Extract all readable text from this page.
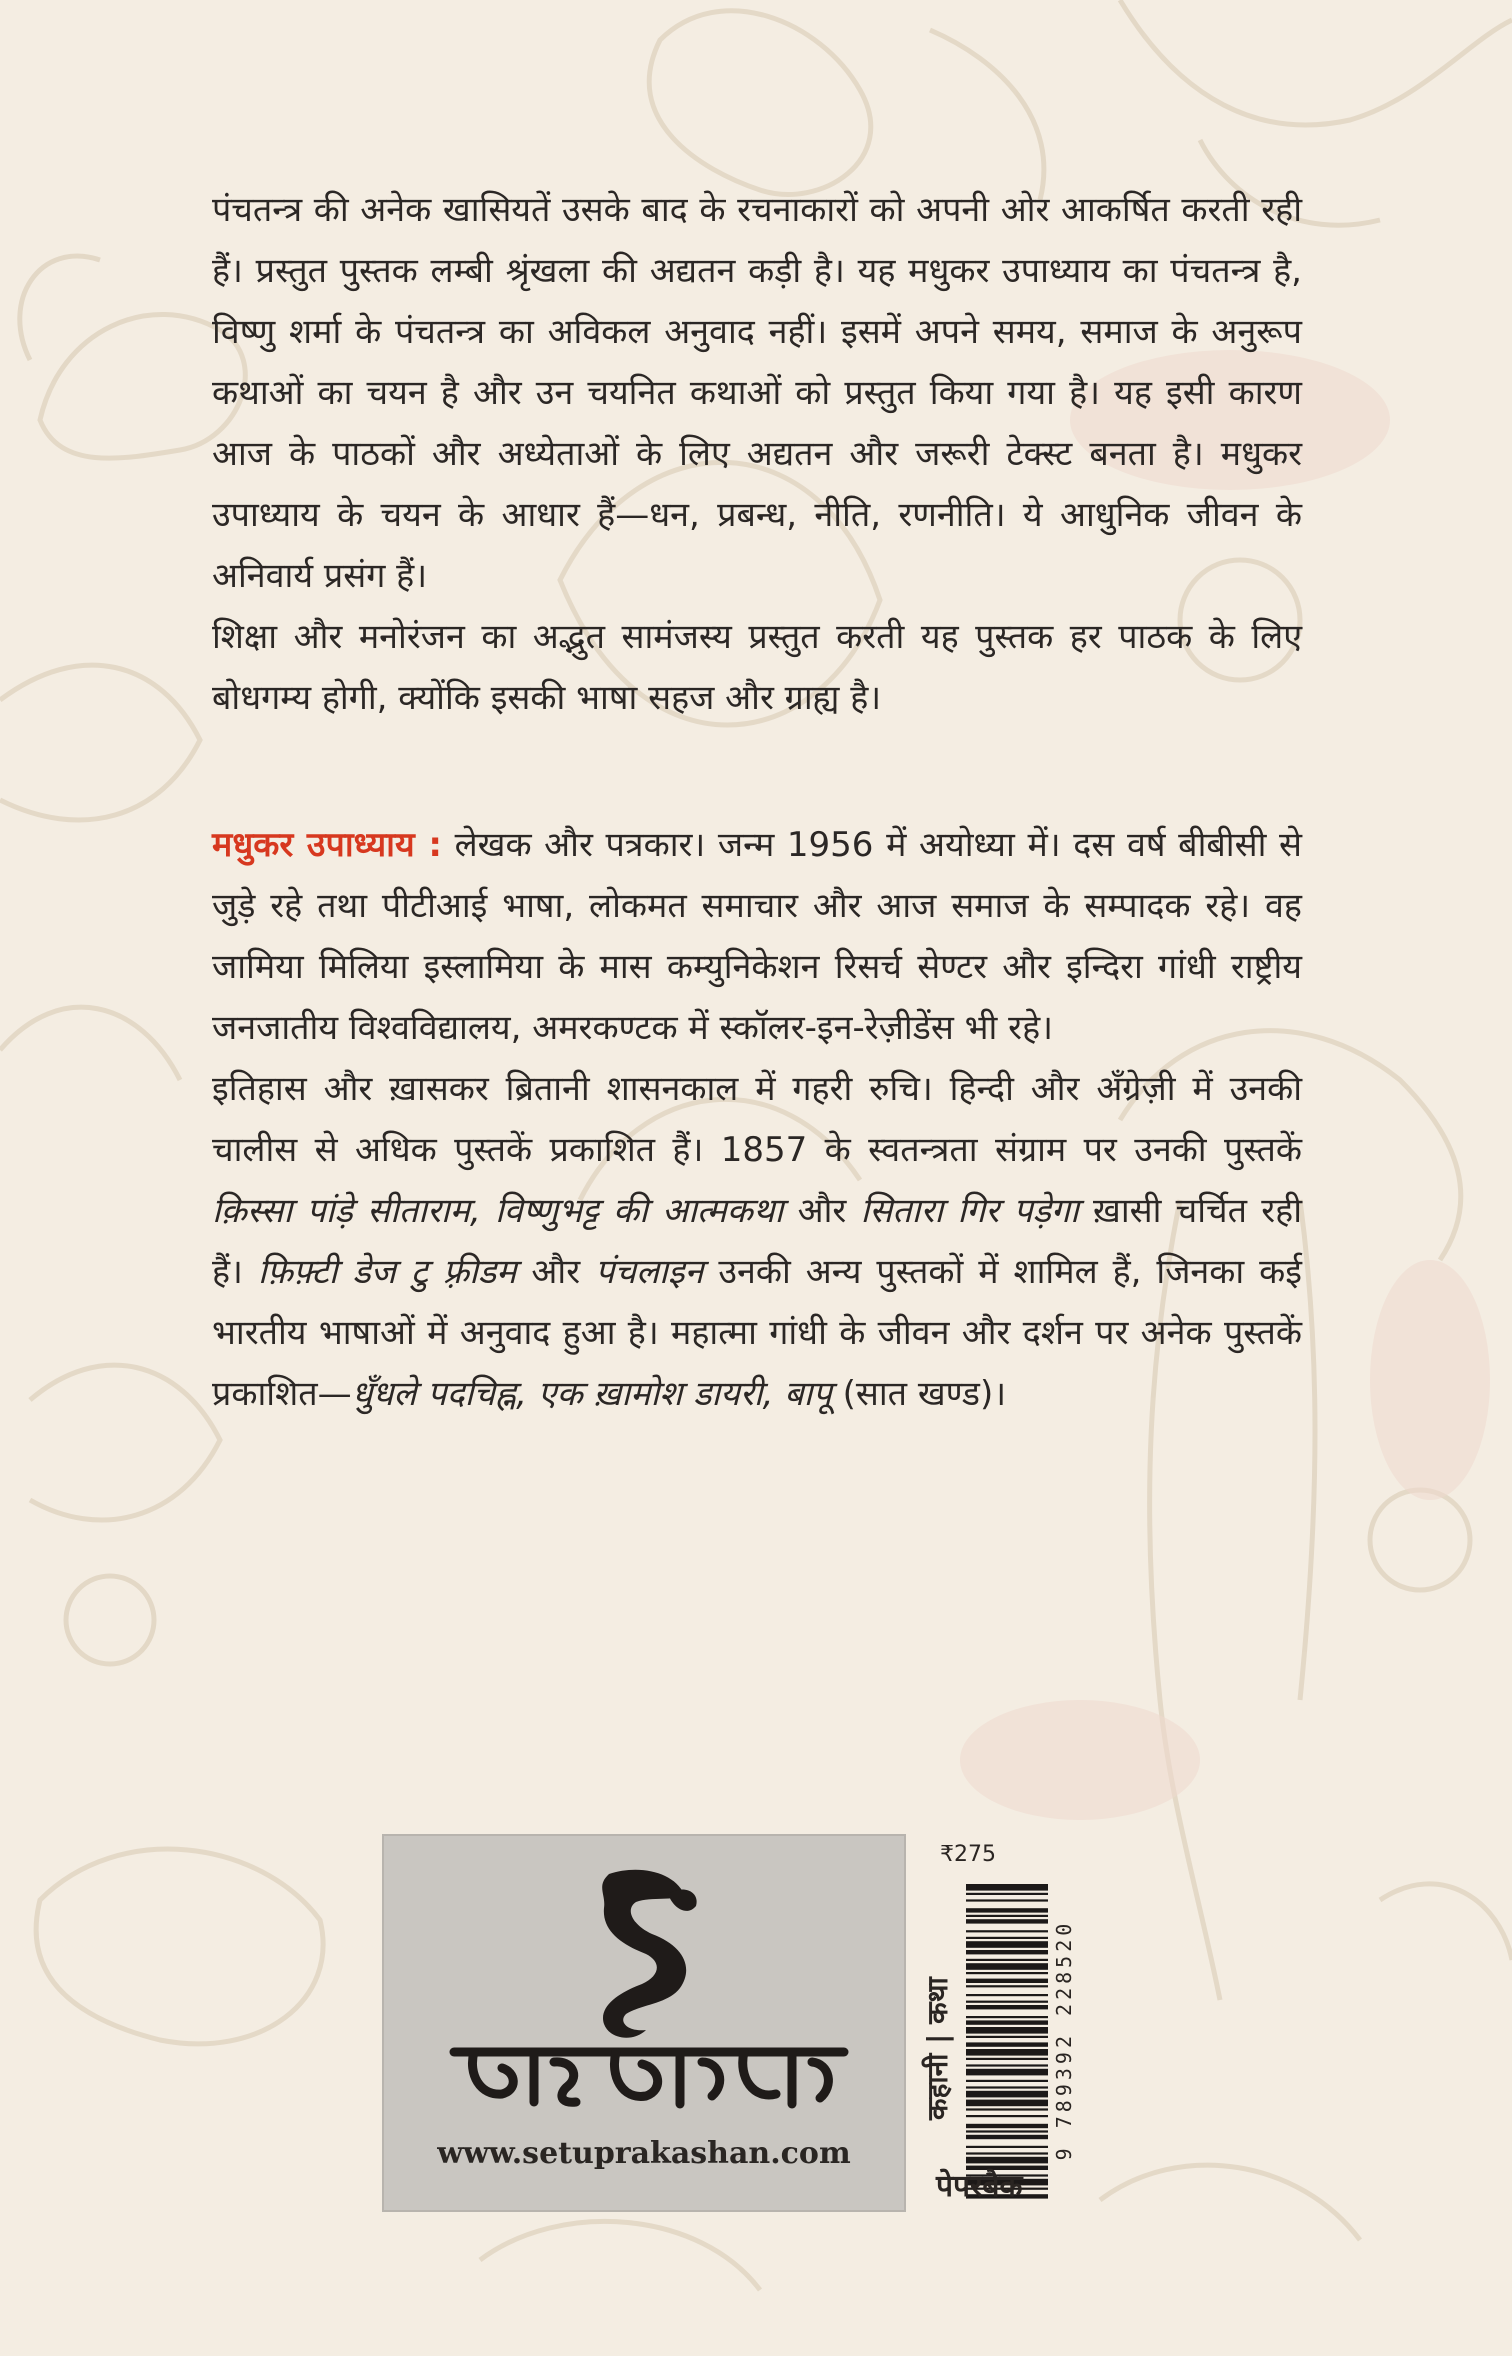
पंचतन्त्र की अनेक खासियतें उसके बाद के रचनाकारों को अपनी ओर आकर्षित करती रही हैं। प्रस्तुत पुस्तक लम्बी श्रृंखला की अद्यतन कड़ी है। यह मधुकर उपाध्याय का पंचतन्त्र है, विष्णु शर्मा के पंचतन्त्र का अविकल अनुवाद नहीं। इसमें अपने समय, समाज के अनुरूप कथाओं का चयन है और उन चयनित कथाओं को प्रस्तुत किया गया है। यह इसी कारण आज के पाठकों और अध्येताओं के लिए अद्यतन और जरूरी टेक्स्ट बनता है। मधुकर उपाध्याय के चयन के आधार हैं—धन, प्रबन्ध, नीति, रणनीति। ये आधुनिक जीवन के अनिवार्य प्रसंग हैं।

शिक्षा और मनोरंजन का अद्भुत सामंजस्य प्रस्तुत करती यह पुस्तक हर पाठक के लिए बोधगम्य होगी, क्योंकि इसकी भाषा सहज और ग्राह्य है।

मधुकर उपाध्याय : लेखक और पत्रकार। जन्म 1956 में अयोध्या में। दस वर्ष बीबीसी से जुड़े रहे तथा पीटीआई भाषा, लोकमत समाचार और आज समाज के सम्पादक रहे। वह जामिया मिलिया इस्लामिया के मास कम्युनिकेशन रिसर्च सेण्टर और इन्दिरा गांधी राष्ट्रीय जनजातीय विश्वविद्यालय, अमरकण्टक में स्कॉलर-इन-रेज़ीडेंस भी रहे।

इतिहास और ख़ासकर ब्रितानी शासनकाल में गहरी रुचि। हिन्दी और अँग्रेज़ी में उनकी चालीस से अधिक पुस्तकें प्रकाशित हैं। 1857 के स्वतन्त्रता संग्राम पर उनकी पुस्तकें क़िस्सा पांड़े सीताराम, विष्णुभट्ट की आत्मकथा और सितारा गिर पड़ेगा ख़ासी चर्चित रही हैं। फ़िफ़्टी डेज टु फ़्रीडम और पंचलाइन उनकी अन्य पुस्तकों में शामिल हैं, जिनका कई भारतीय भाषाओं में अनुवाद हुआ है। महात्मा गांधी के जीवन और दर्शन पर अनेक पुस्तकें प्रकाशित—धुँधले पदचिह्न, एक ख़ामोश डायरी, बापू (सात खण्ड)।

सेतु प्रकाशन
www.setuprakashan.com
₹275
कहानी | कथा	9 789392 228520
पेपरबैक
